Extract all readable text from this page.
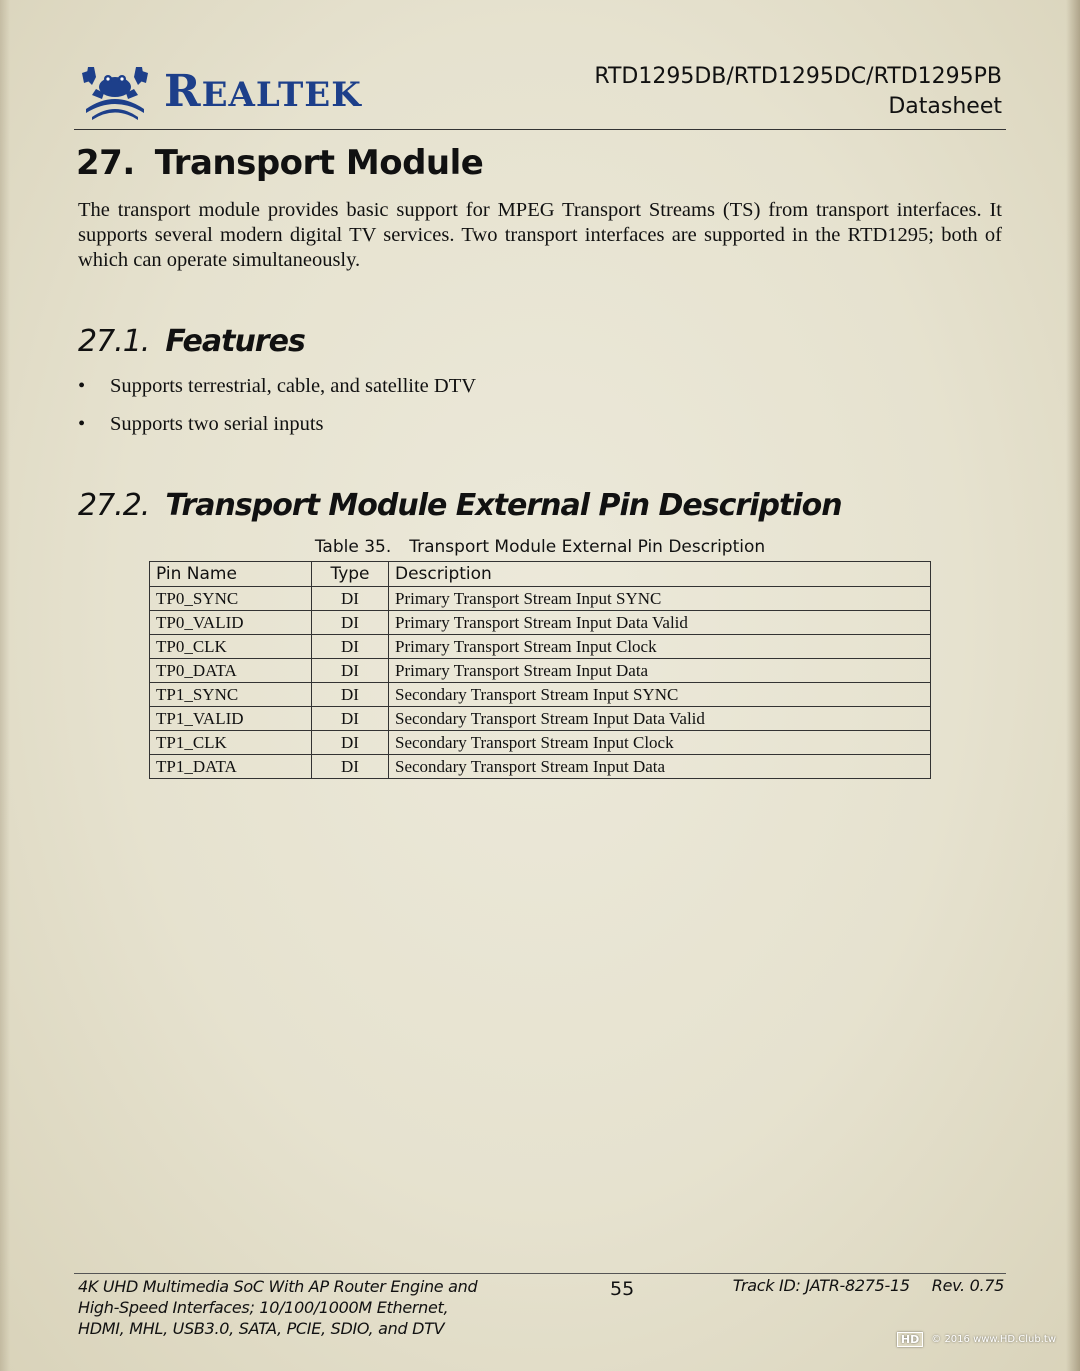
REALTEK	RTD1295DB/RTD1295DC/RTD1295PB
Datasheet
27. Transport Module

The transport module provides basic support for MPEG Transport Streams (TS) from transport interfaces. It supports several modern digital TV services. Two transport interfaces are supported in the RTD1295; both of which can operate simultaneously.

27.1. Features
•	Supports terrestrial, cable, and satellite DTV
•	Supports two serial inputs
27.2. Transport Module External Pin Description
Table 35. Transport Module External Pin Description
Pin Name	Type	Description
TP0_SYNC	DI	Primary Transport Stream Input SYNC
TP0_VALID	DI	Primary Transport Stream Input Data Valid
TP0_CLK	DI	Primary Transport Stream Input Clock
TP0_DATA	DI	Primary Transport Stream Input Data
TP1_SYNC	DI	Secondary Transport Stream Input SYNC
TP1_VALID	DI	Secondary Transport Stream Input Data Valid
TP1_CLK	DI	Secondary Transport Stream Input Clock
TP1_DATA	DI	Secondary Transport Stream Input Data
4K UHD Multimedia SoC With AP Router Engine and
High-Speed Interfaces; 10/100/1000M Ethernet,
HDMI, MHL, USB3.0, SATA, PCIE, SDIO, and DTV
55	Track ID: JATR-8275-15 Rev. 0.75
HD	© 2016 www.HD.Club.tw
